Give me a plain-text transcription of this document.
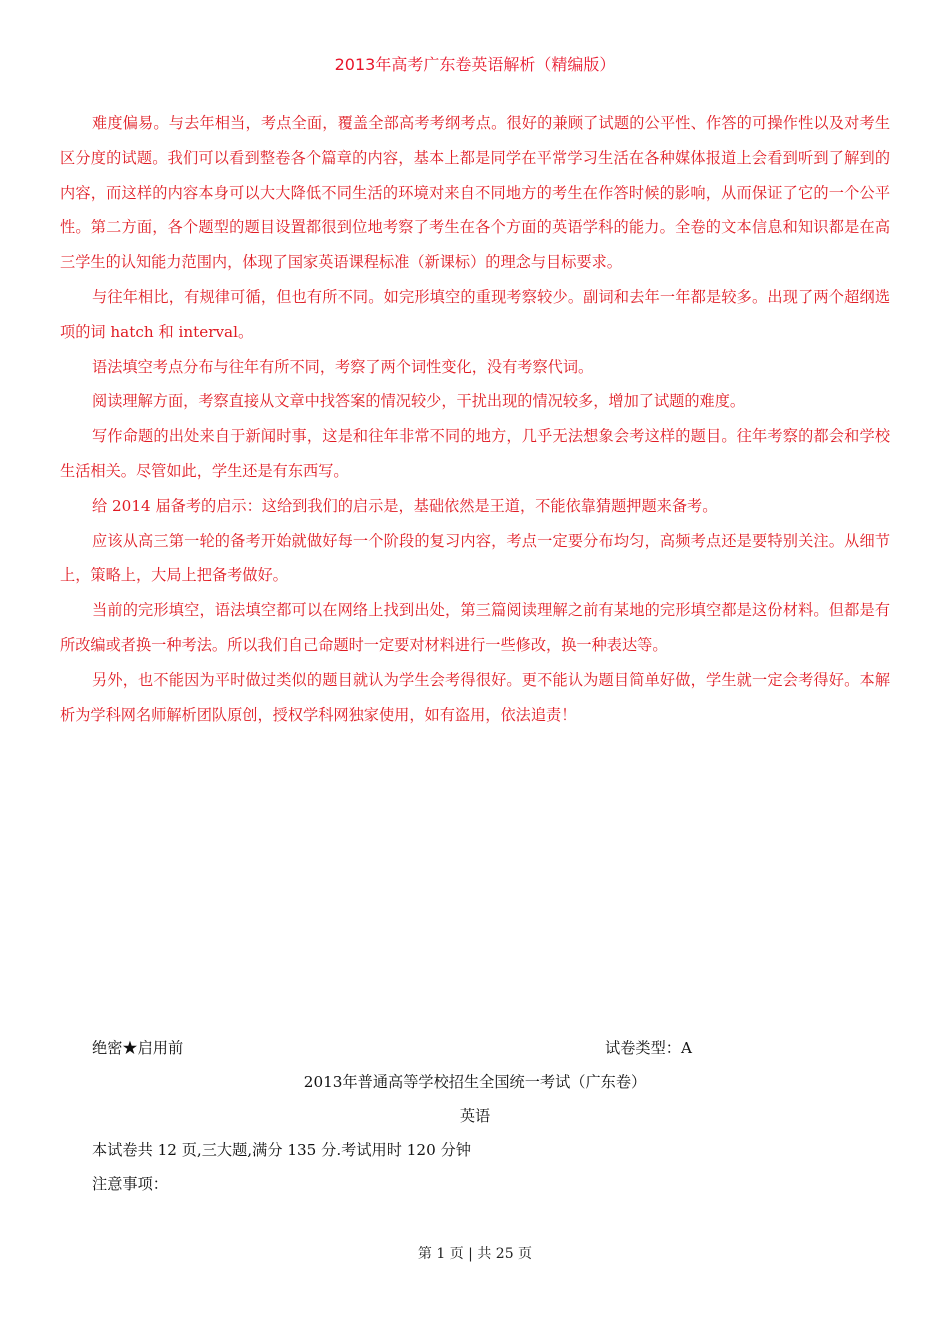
2013年高考广东卷英语解析（精编版）

难度偏易。与去年相当，考点全面，覆盖全部高考考纲考点。很好的兼顾了试题的公平性、作答的可操作性以及对考生区分度的试题。我们可以看到整卷各个篇章的内容，基本上都是同学在平常学习生活在各种媒体报道上会看到听到了解到的内容，而这样的内容本身可以大大降低不同生活的环境对来自不同地方的考生在作答时候的影响，从而保证了它的一个公平性。第二方面，各个题型的题目设置都很到位地考察了考生在各个方面的英语学科的能力。全卷的文本信息和知识都是在高三学生的认知能力范围内，体现了国家英语课程标准（新课标）的理念与目标要求。

与往年相比，有规律可循，但也有所不同。如完形填空的重现考察较少。副词和去年一年都是较多。出现了两个超纲选项的词 hatch 和 interval。

语法填空考点分布与往年有所不同，考察了两个词性变化，没有考察代词。

阅读理解方面，考察直接从文章中找答案的情况较少，干扰出现的情况较多，增加了试题的难度。

写作命题的出处来自于新闻时事，这是和往年非常不同的地方，几乎无法想象会考这样的题目。往年考察的都会和学校生活相关。尽管如此，学生还是有东西写。

给 2014 届备考的启示：这给到我们的启示是，基础依然是王道，不能依靠猜题押题来备考。

应该从高三第一轮的备考开始就做好每一个阶段的复习内容，考点一定要分布均匀，高频考点还是要特别关注。从细节上，策略上，大局上把备考做好。

当前的完形填空，语法填空都可以在网络上找到出处，第三篇阅读理解之前有某地的完形填空都是这份材料。但都是有所改编或者换一种考法。所以我们自己命题时一定要对材料进行一些修改，换一种表达等。

另外，也不能因为平时做过类似的题目就认为学生会考得很好。更不能认为题目简单好做，学生就一定会考得好。本解析为学科网名师解析团队原创，授权学科网独家使用，如有盗用，依法追责！

绝密★启用前	试卷类型：A
2013年普通高等学校招生全国统一考试（广东卷）
英语
本试卷共 12 页,三大题,满分 135 分.考试用时 120 分钟
注意事项：
第 1 页 | 共 25 页
